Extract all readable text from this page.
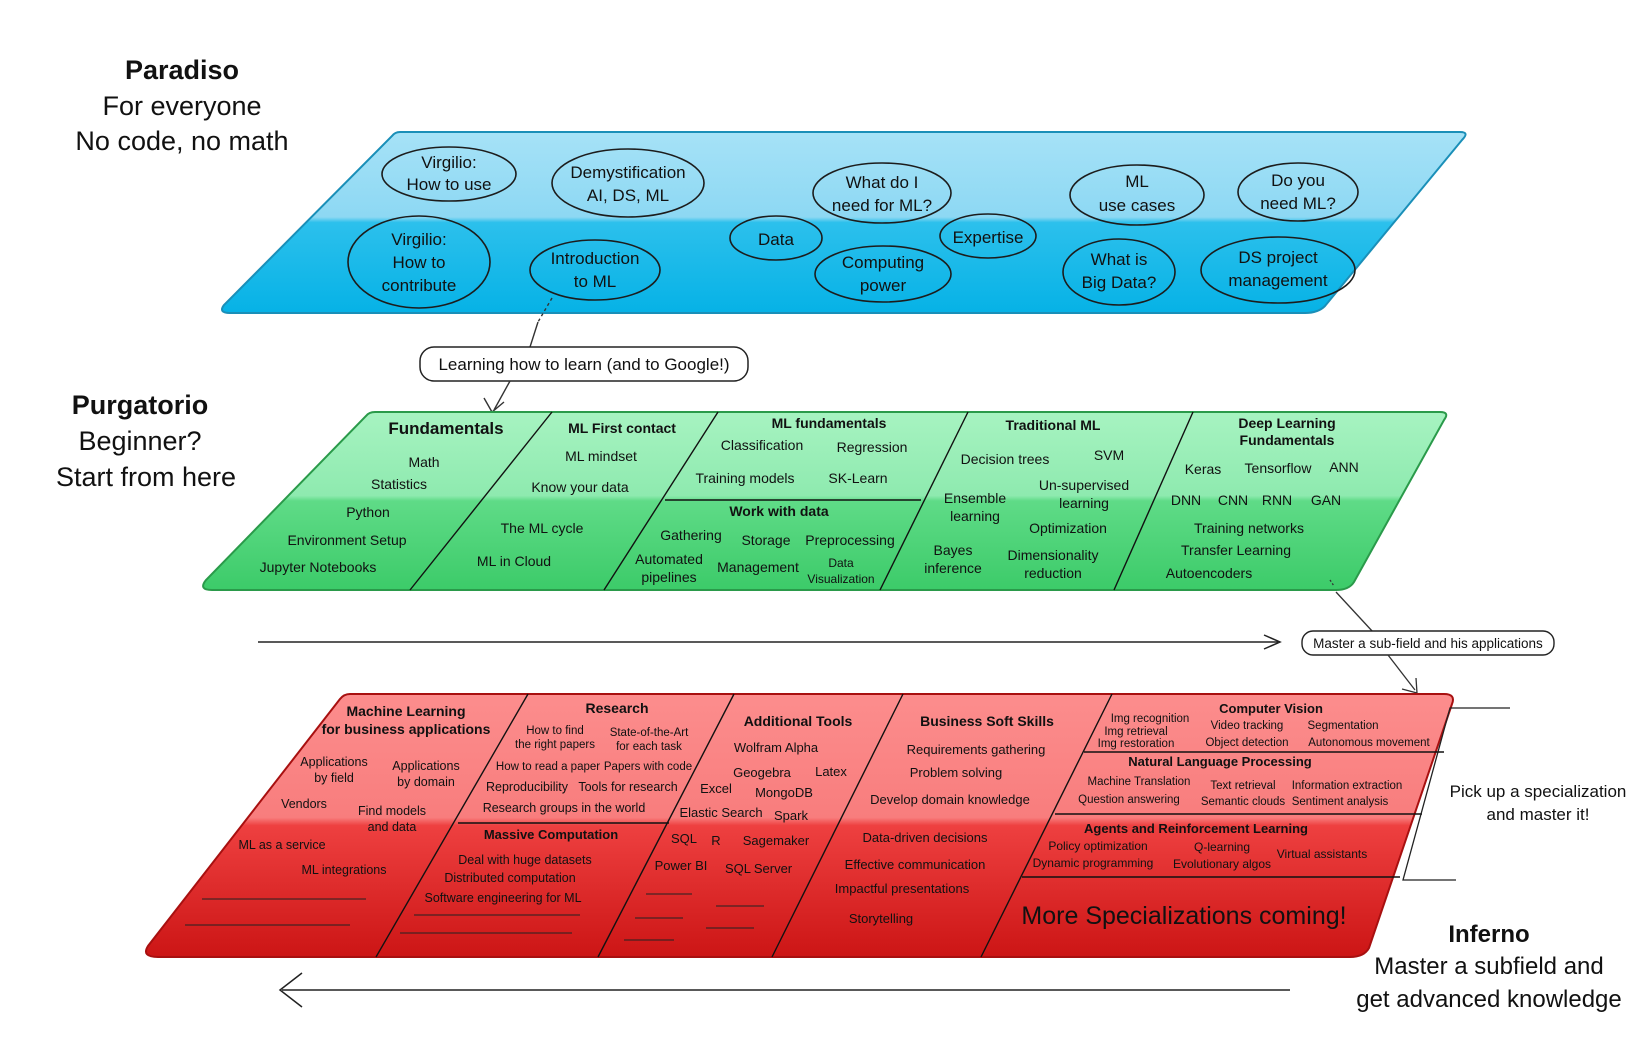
Paradiso
For everyone
No code, no math
Virgilio:
How to use
Demystification
AI, DS, ML
What do I
need for ML?
ML
use cases
Do you
need ML?
Virgilio:
How to
contribute
Introduction
to ML
Data	Expertise
Computing
power
What is
Big Data?
DS project
management
Learning how to learn (and to Google!)
Purgatorio
Beginner?
Start from here
Fundamentals
Math
Statistics
Python
Environment Setup
Jupyter Notebooks
ML First contact
ML mindset
Know your data
The ML cycle
ML in Cloud
ML fundamentals
Classification Regression
Training models SK-Learn
Work with data
Gathering Storage Preprocessing
Automated
pipelines
Management Data
Visualization
Traditional ML
Decision trees	SVM
Ensemble
learning
Un-supervised
learning
Optimization
Bayes
inference
Dimensionality
reduction
Deep Learning
Fundamentals
Keras Tensorflow ANN
DNN CNN RNN GAN
Training networks
Transfer Learning
Autoencoders
Master a sub-field and his applications
Machine Learning
for business applications
Applications
by field
Applications
by domain
Vendors Find models
and data
ML as a service
ML integrations
Research
How to find
the right papers
State-of-the-Art
for each task
How to read a paper Papers with code
Reproducibility Tools for research
Research groups in the world
Massive Computation
Deal with huge datasets
Distributed computation
Software engineering for ML
Additional Tools
Wolfram Alpha
Geogebra Latex
Excel MongoDB
Elastic Search Spark
SQL R Sagemaker
Power BI SQL Server
Business Soft Skills
Requirements gathering
Problem solving
Develop domain knowledge
Data-driven decisions
Effective communication
Impactful presentations
Storytelling
Computer Vision
Img recognition
Img retrieval
Img restoration
Video tracking
Object detection
Segmentation
Autonomous movement
Natural Language Processing
Machine Translation
Question answering
Text retrieval
Semantic clouds
Information extraction
Sentiment analysis
Agents and Reinforcement Learning
Policy optimization
Dynamic programming
Q-learning
Evolutionary algos
Virtual assistants
More Specializations coming!
Pick up a specialization
and master it!
Inferno
Master a subfield and
get advanced knowledge
